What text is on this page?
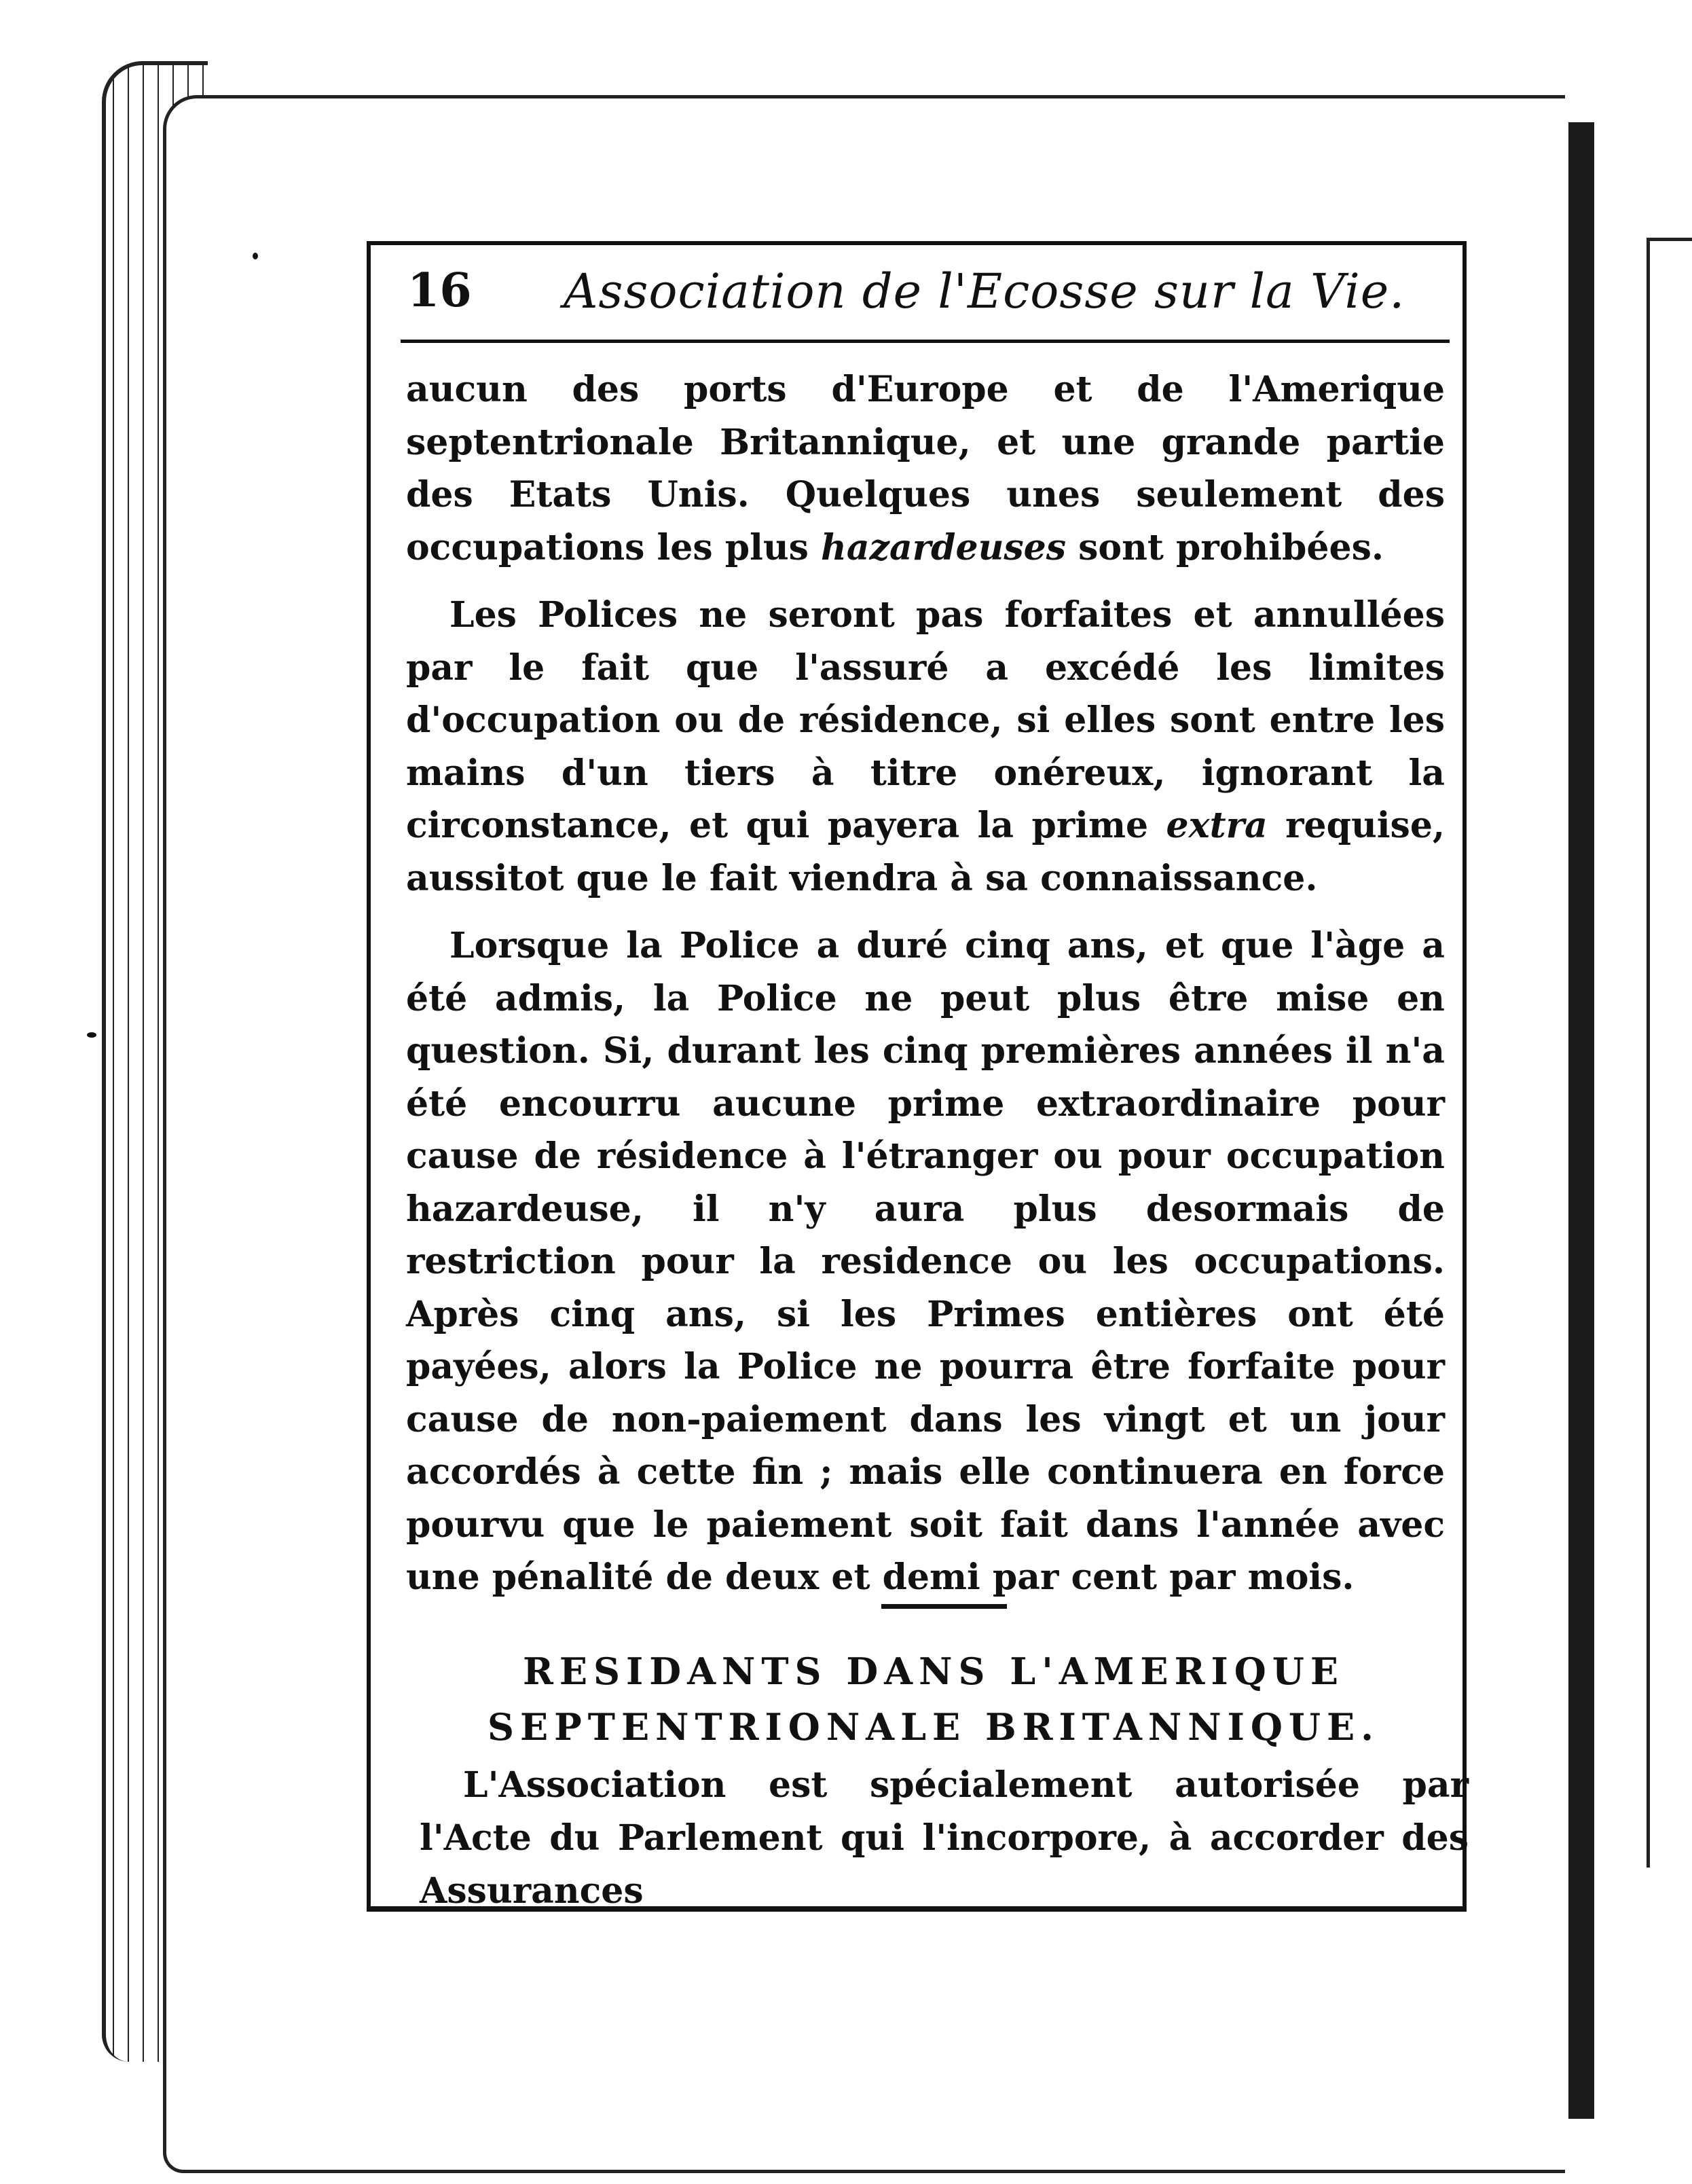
16 Association de l'Ecosse sur la Vie.

aucun des ports d'Europe et de l'Amerique septentrionale Britannique, et une grande partie des Etats Unis. Quelques unes seulement des occupations les plus hazardeuses sont prohibées.

Les Polices ne seront pas forfaites et annullées par le fait que l'assuré a excédé les limites d'occupation ou de résidence, si elles sont entre les mains d'un tiers à titre onéreux, ignorant la circonstance, et qui payera la prime extra requise, aussitot que le fait viendra à sa connaissance.

Lorsque la Police a duré cinq ans, et que l'àge a été admis, la Police ne peut plus être mise en question. Si, durant les cinq premières années il n'a été encourru aucune prime extraordinaire pour cause de résidence à l'étranger ou pour occupation hazardeuse, il n'y aura plus desormais de restriction pour la residence ou les occupations. Après cinq ans, si les Primes entières ont été payées, alors la Police ne pourra être forfaite pour cause de non-paiement dans les vingt et un jour accordés à cette fin ; mais elle continuera en force pourvu que le paiement soit fait dans l'année avec une pénalité de deux et demi par cent par mois.

RESIDANTS DANS L'AMERIQUE SEPTENTRIONALE BRITANNIQUE.

L'Association est spécialement autorisée par l'Acte du Parlement qui l'incorpore, à accorder des Assurances
